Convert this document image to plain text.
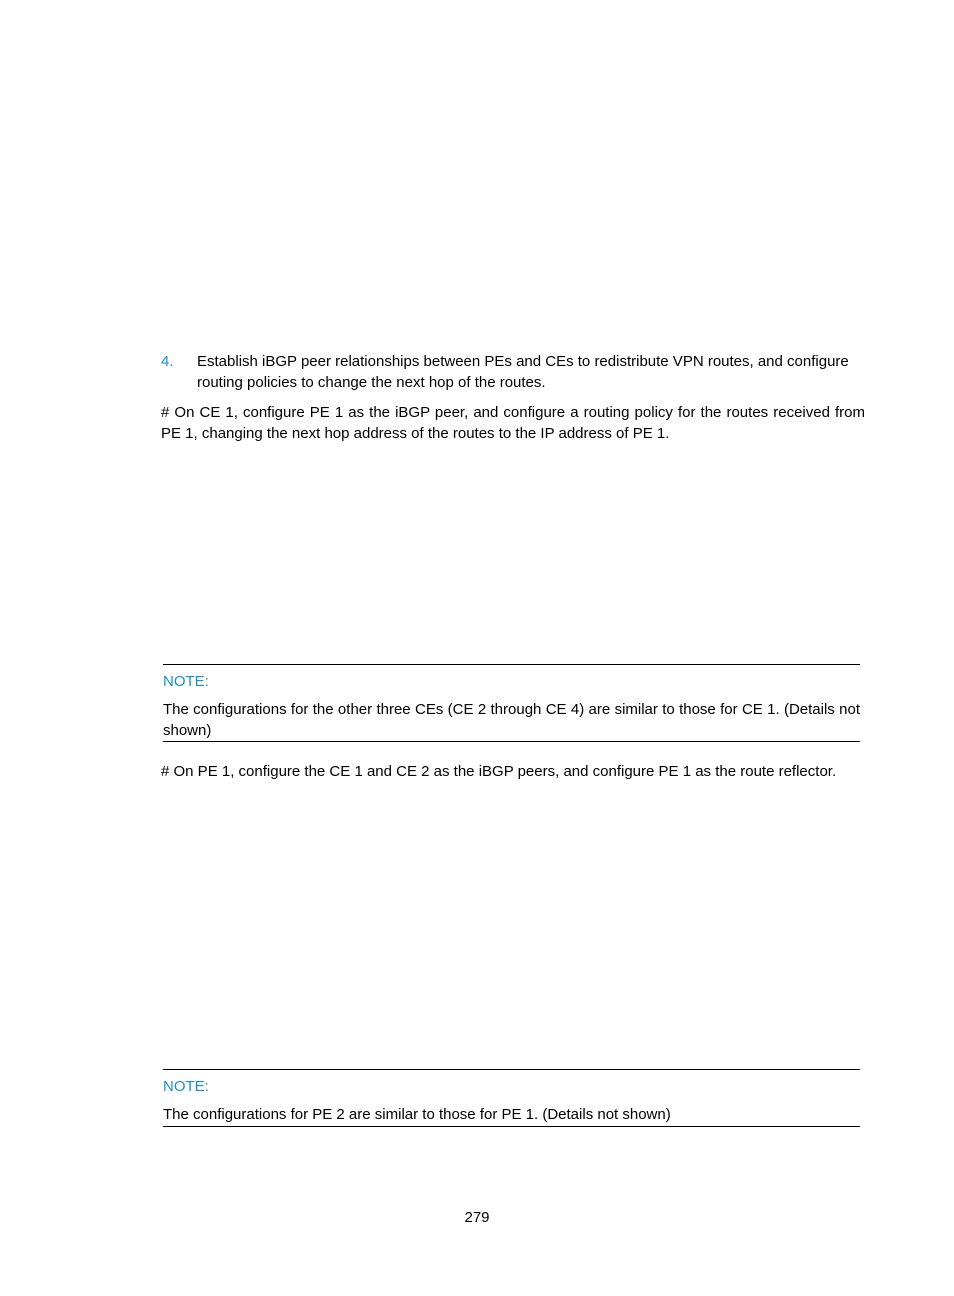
4. Establish iBGP peer relationships between PEs and CEs to redistribute VPN routes, and configure routing policies to change the next hop of the routes.
# On CE 1, configure PE 1 as the iBGP peer, and configure a routing policy for the routes received from PE 1, changing the next hop address of the routes to the IP address of PE 1.
NOTE:
The configurations for the other three CEs (CE 2 through CE 4) are similar to those for CE 1. (Details not shown)
# On PE 1, configure the CE 1 and CE 2 as the iBGP peers, and configure PE 1 as the route reflector.
NOTE:
The configurations for PE 2 are similar to those for PE 1. (Details not shown)
279
